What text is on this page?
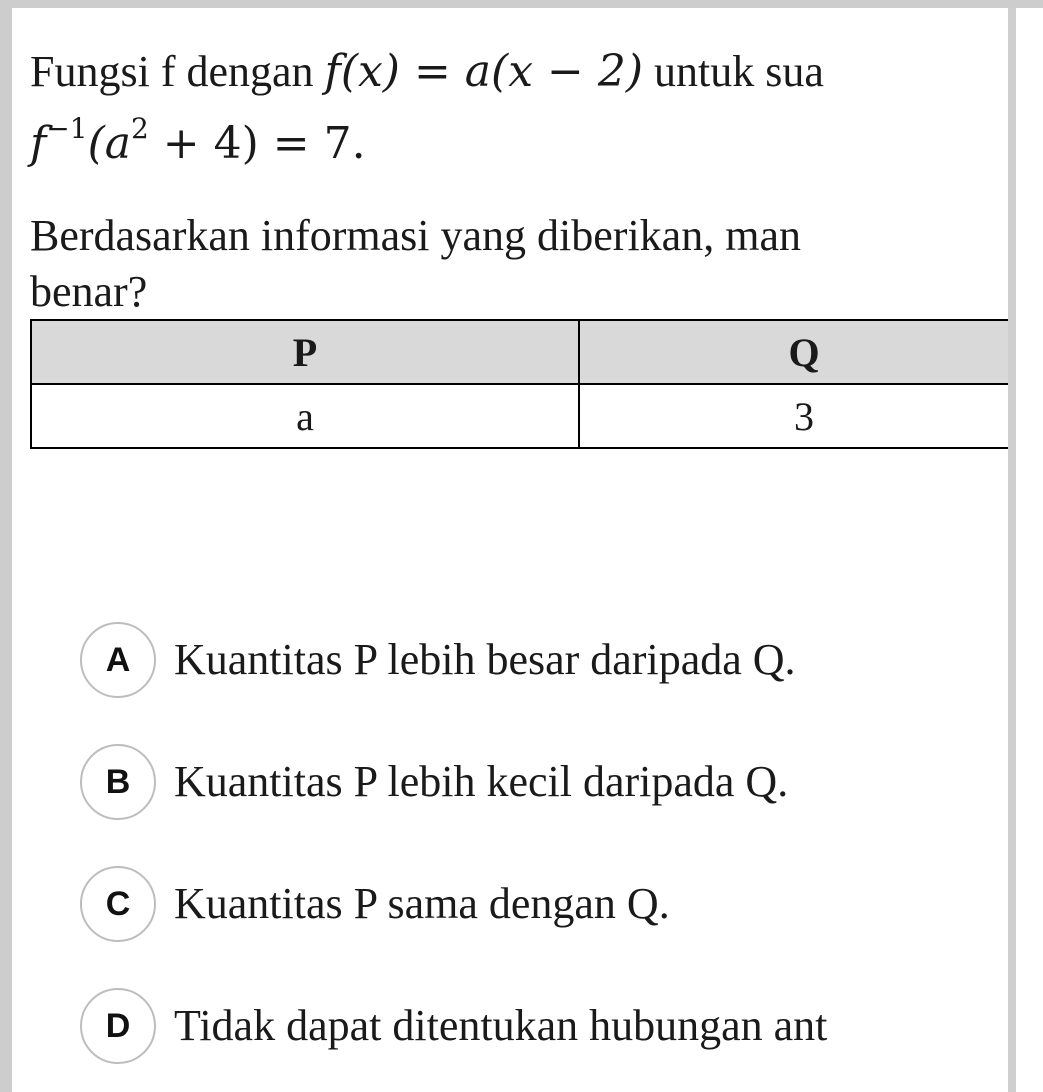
Fungsi f dengan f(x) = a(x − 2) untuk sua
$f^{-1}(a^2 + 4) = 7$.
Berdasarkan informasi yang diberikan, man
benar?
P	Q
a	3
A Kuantitas P lebih besar daripada Q.
B Kuantitas P lebih kecil daripada Q.
C Kuantitas P sama dengan Q.
D Tidak dapat ditentukan hubungan ant
